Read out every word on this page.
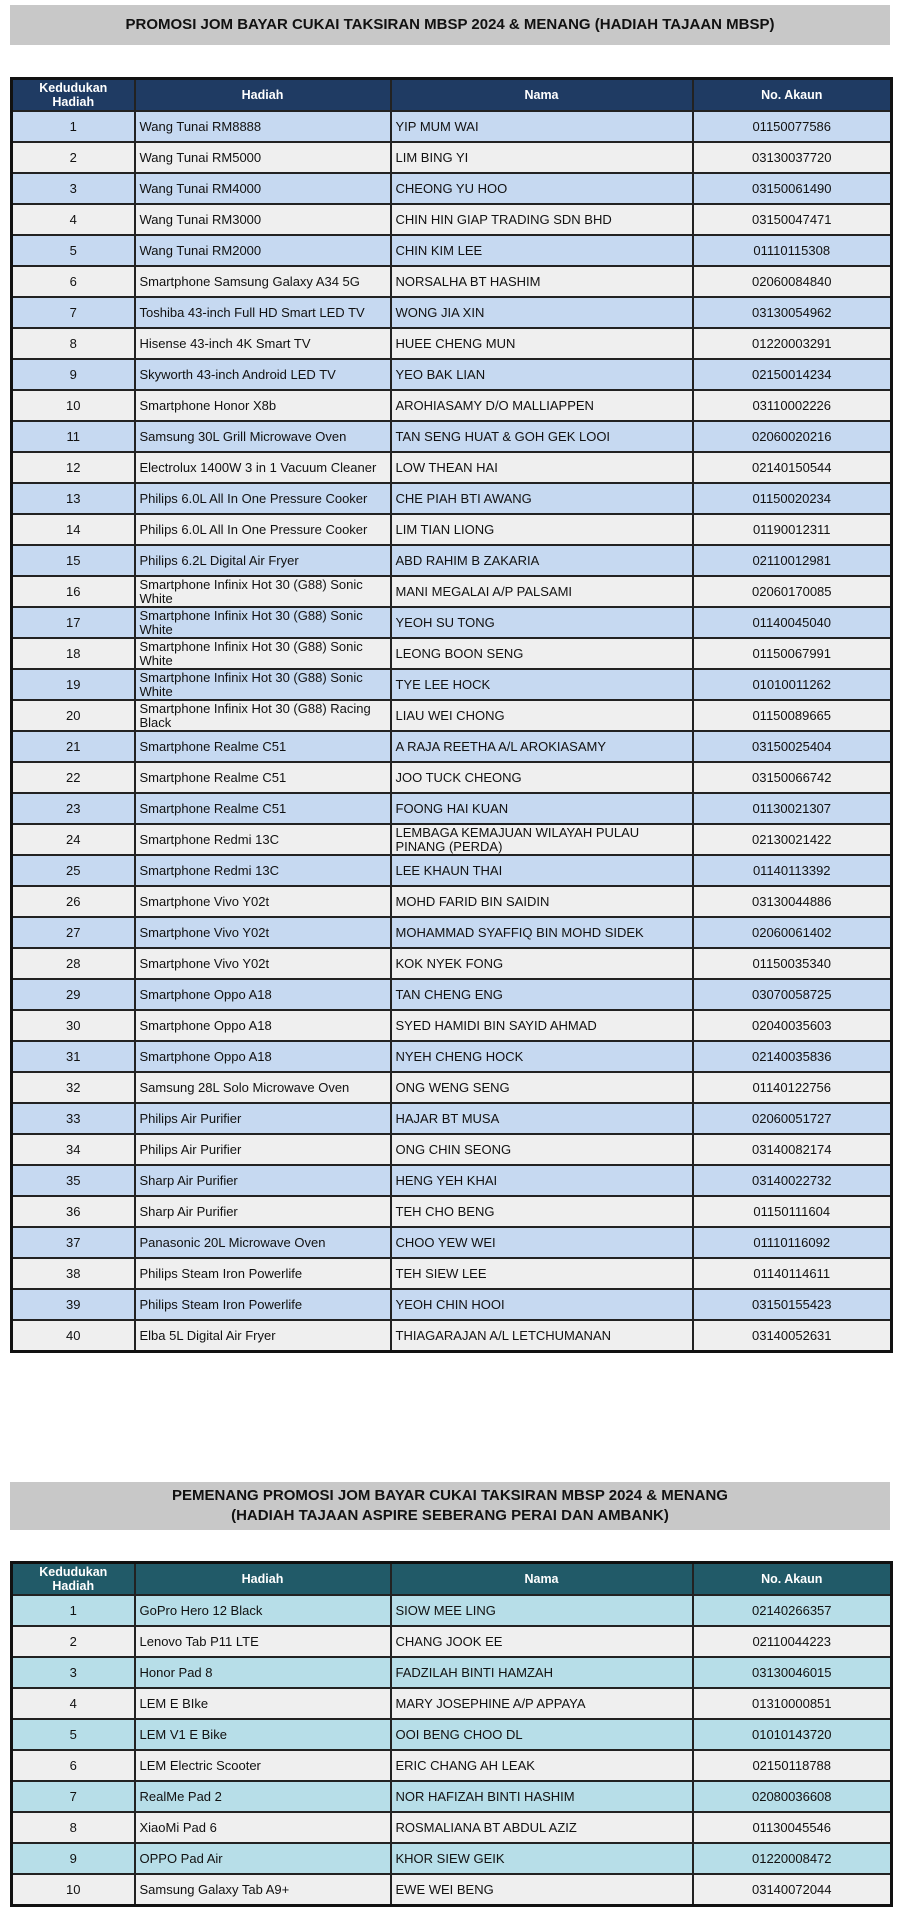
PROMOSI JOM BAYAR CUKAI TAKSIRAN MBSP 2024 & MENANG (HADIAH TAJAAN MBSP)
Kedudukan Hadiah	Hadiah	Nama	No. Akaun
1	Wang Tunai RM8888	YIP MUM WAI	01150077586
2	Wang Tunai RM5000	LIM BING YI	03130037720
3	Wang Tunai RM4000	CHEONG YU HOO	03150061490
4	Wang Tunai RM3000	CHIN HIN GIAP TRADING SDN BHD	03150047471
5	Wang Tunai RM2000	CHIN KIM LEE	01110115308
6	Smartphone Samsung Galaxy A34 5G	NORSALHA BT HASHIM	02060084840
7	Toshiba 43-inch Full HD Smart LED TV	WONG JIA XIN	03130054962
8	Hisense 43-inch 4K Smart TV	HUEE CHENG MUN	01220003291
9	Skyworth 43-inch Android LED TV	YEO BAK LIAN	02150014234
10	Smartphone Honor X8b	AROHIASAMY D/O MALLIAPPEN	03110002226
11	Samsung 30L Grill Microwave Oven	TAN SENG HUAT & GOH GEK LOOI	02060020216
12	Electrolux 1400W 3 in 1 Vacuum Cleaner	LOW THEAN HAI	02140150544
13	Philips 6.0L All In One Pressure Cooker	CHE PIAH BTI AWANG	01150020234
14	Philips 6.0L All In One Pressure Cooker	LIM TIAN LIONG	01190012311
15	Philips 6.2L Digital Air Fryer	ABD RAHIM B ZAKARIA	02110012981
16	Smartphone Infinix Hot 30 (G88) Sonic White	MANI MEGALAI A/P PALSAMI	02060170085
17	Smartphone Infinix Hot 30 (G88) Sonic White	YEOH SU TONG	01140045040
18	Smartphone Infinix Hot 30 (G88) Sonic White	LEONG BOON SENG	01150067991
19	Smartphone Infinix Hot 30 (G88) Sonic White	TYE LEE HOCK	01010011262
20	Smartphone Infinix Hot 30 (G88) Racing Black	LIAU WEI CHONG	01150089665
21	Smartphone Realme C51	A RAJA REETHA A/L AROKIASAMY	03150025404
22	Smartphone Realme C51	JOO TUCK CHEONG	03150066742
23	Smartphone Realme C51	FOONG HAI KUAN	01130021307
24	Smartphone Redmi 13C	LEMBAGA KEMAJUAN WILAYAH PULAU PINANG (PERDA)	02130021422
25	Smartphone Redmi 13C	LEE KHAUN THAI	01140113392
26	Smartphone Vivo Y02t	MOHD FARID BIN SAIDIN	03130044886
27	Smartphone Vivo Y02t	MOHAMMAD SYAFFIQ BIN MOHD SIDEK	02060061402
28	Smartphone Vivo Y02t	KOK NYEK FONG	01150035340
29	Smartphone Oppo A18	TAN CHENG ENG	03070058725
30	Smartphone Oppo A18	SYED HAMIDI BIN SAYID AHMAD	02040035603
31	Smartphone Oppo A18	NYEH CHENG HOCK	02140035836
32	Samsung 28L Solo Microwave Oven	ONG WENG SENG	01140122756
33	Philips Air Purifier	HAJAR BT MUSA	02060051727
34	Philips Air Purifier	ONG CHIN SEONG	03140082174
35	Sharp Air Purifier	HENG YEH KHAI	03140022732
36	Sharp Air Purifier	TEH CHO BENG	01150111604
37	Panasonic 20L Microwave Oven	CHOO YEW WEI	01110116092
38	Philips Steam Iron Powerlife	TEH SIEW LEE	01140114611
39	Philips Steam Iron Powerlife	YEOH CHIN HOOI	03150155423
40	Elba 5L Digital Air Fryer	THIAGARAJAN A/L LETCHUMANAN	03140052631
PEMENANG PROMOSI JOM BAYAR CUKAI TAKSIRAN MBSP 2024 & MENANG
(HADIAH TAJAAN ASPIRE SEBERANG PERAI DAN AMBANK)
Kedudukan Hadiah	Hadiah	Nama	No. Akaun
1	GoPro Hero 12 Black	SIOW MEE LING	02140266357
2	Lenovo Tab P11 LTE	CHANG JOOK EE	02110044223
3	Honor Pad 8	FADZILAH BINTI HAMZAH	03130046015
4	LEM E BIke	MARY JOSEPHINE A/P APPAYA	01310000851
5	LEM V1 E Bike	OOI BENG CHOO DL	01010143720
6	LEM Electric Scooter	ERIC CHANG AH LEAK	02150118788
7	RealMe Pad 2	NOR HAFIZAH BINTI HASHIM	02080036608
8	XiaoMi Pad 6	ROSMALIANA BT ABDUL AZIZ	01130045546
9	OPPO Pad Air	KHOR SIEW GEIK	01220008472
10	Samsung Galaxy Tab A9+	EWE WEI BENG	03140072044
